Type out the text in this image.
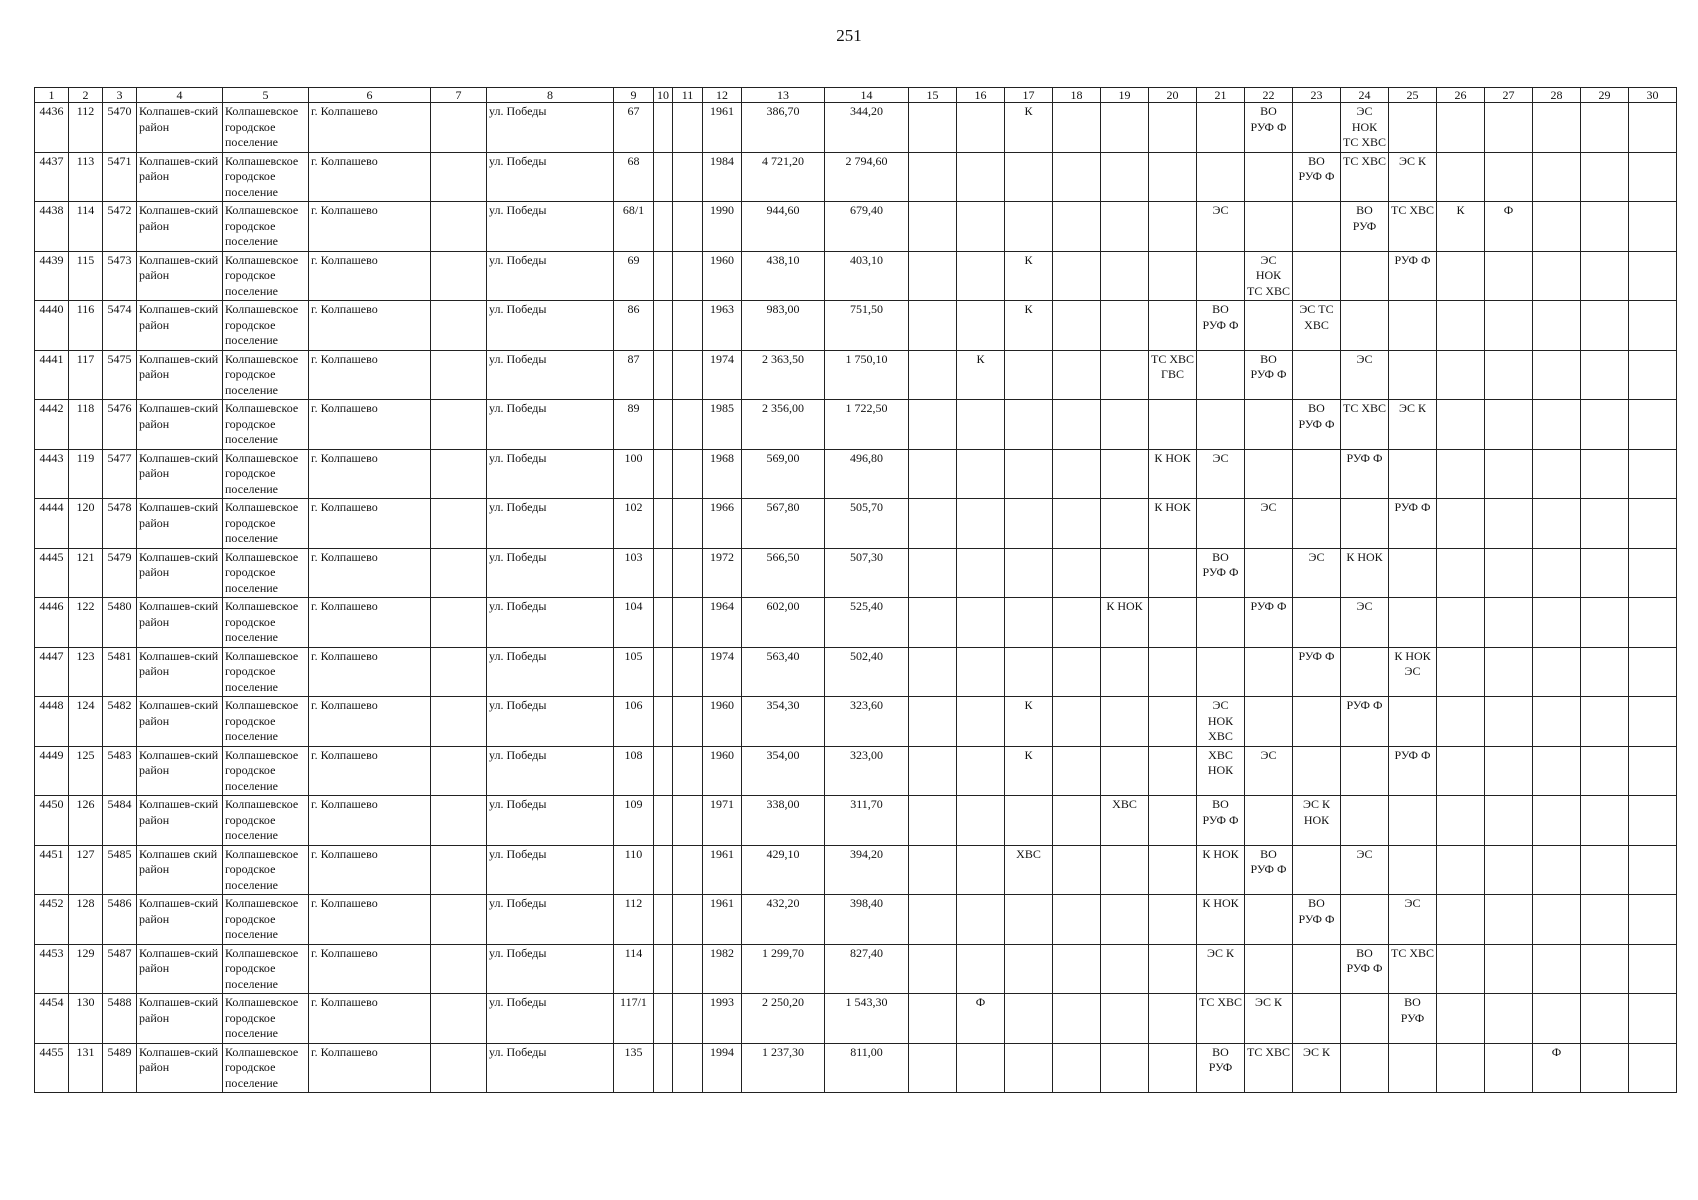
251
1	2	3	4	5	6	7	8	9	10	11	12	13	14	15	16	17	18	19	20	21	22	23	24	25	26	27	28	29	30
4436	112	5470	Колпашев-ский район	Колпашевское городское поселение	г. Колпашево		ул. Победы	67			1961	386,70	344,20			К					ВО РУФ Ф		ЭС НОК ТС ХВС						
4437	113	5471	Колпашев-ский район	Колпашевское городское поселение	г. Колпашево		ул. Победы	68			1984	4 721,20	2 794,60									ВО РУФ Ф	ТС ХВС	ЭС К					
4438	114	5472	Колпашев-ский район	Колпашевское городское поселение	г. Колпашево		ул. Победы	68/1			1990	944,60	679,40							ЭС			ВО РУФ	ТС ХВС	К	Ф			
4439	115	5473	Колпашев-ский район	Колпашевское городское поселение	г. Колпашево		ул. Победы	69			1960	438,10	403,10			К					ЭС НОК ТС ХВС			РУФ Ф					
4440	116	5474	Колпашев-ский район	Колпашевское городское поселение	г. Колпашево		ул. Победы	86			1963	983,00	751,50			К				ВО РУФ Ф		ЭС ТС ХВС							
4441	117	5475	Колпашев-ский район	Колпашевское городское поселение	г. Колпашево		ул. Победы	87			1974	2 363,50	1 750,10		К				ТС ХВС ГВС		ВО РУФ Ф		ЭС						
4442	118	5476	Колпашев-ский район	Колпашевское городское поселение	г. Колпашево		ул. Победы	89			1985	2 356,00	1 722,50									ВО РУФ Ф	ТС ХВС	ЭС К					
4443	119	5477	Колпашев-ский район	Колпашевское городское поселение	г. Колпашево		ул. Победы	100			1968	569,00	496,80						К НОК	ЭС			РУФ Ф						
4444	120	5478	Колпашев-ский район	Колпашевское городское поселение	г. Колпашево		ул. Победы	102			1966	567,80	505,70						К НОК		ЭС			РУФ Ф					
4445	121	5479	Колпашев-ский район	Колпашевское городское поселение	г. Колпашево		ул. Победы	103			1972	566,50	507,30							ВО РУФ Ф		ЭС	К НОК						
4446	122	5480	Колпашев-ский район	Колпашевское городское поселение	г. Колпашево		ул. Победы	104			1964	602,00	525,40					К НОК			РУФ Ф		ЭС						
4447	123	5481	Колпашев-ский район	Колпашевское городское поселение	г. Колпашево		ул. Победы	105			1974	563,40	502,40									РУФ Ф		К НОК ЭС					
4448	124	5482	Колпашев-ский район	Колпашевское городское поселение	г. Колпашево		ул. Победы	106			1960	354,30	323,60			К				ЭС НОК ХВС			РУФ Ф						
4449	125	5483	Колпашев-ский район	Колпашевское городское поселение	г. Колпашево		ул. Победы	108			1960	354,00	323,00			К				ХВС НОК	ЭС			РУФ Ф					
4450	126	5484	Колпашев-ский район	Колпашевское городское поселение	г. Колпашево		ул. Победы	109			1971	338,00	311,70					ХВС		ВО РУФ Ф		ЭС К НОК							
4451	127	5485	Колпашев ский район	Колпашевское городское поселение	г. Колпашево		ул. Победы	110			1961	429,10	394,20			ХВС				К НОК	ВО РУФ Ф		ЭС						
4452	128	5486	Колпашев-ский район	Колпашевское городское поселение	г. Колпашево		ул. Победы	112			1961	432,20	398,40							К НОК		ВО РУФ Ф		ЭС					
4453	129	5487	Колпашев-ский район	Колпашевское городское поселение	г. Колпашево		ул. Победы	114			1982	1 299,70	827,40							ЭС К			ВО РУФ Ф	ТС ХВС					
4454	130	5488	Колпашев-ский район	Колпашевское городское поселение	г. Колпашево		ул. Победы	117/1			1993	2 250,20	1 543,30		Ф					ТС ХВС	ЭС К			ВО РУФ					
4455	131	5489	Колпашев-ский район	Колпашевское городское поселение	г. Колпашево		ул. Победы	135			1994	1 237,30	811,00							ВО РУФ	ТС ХВС	ЭС К					Ф		
